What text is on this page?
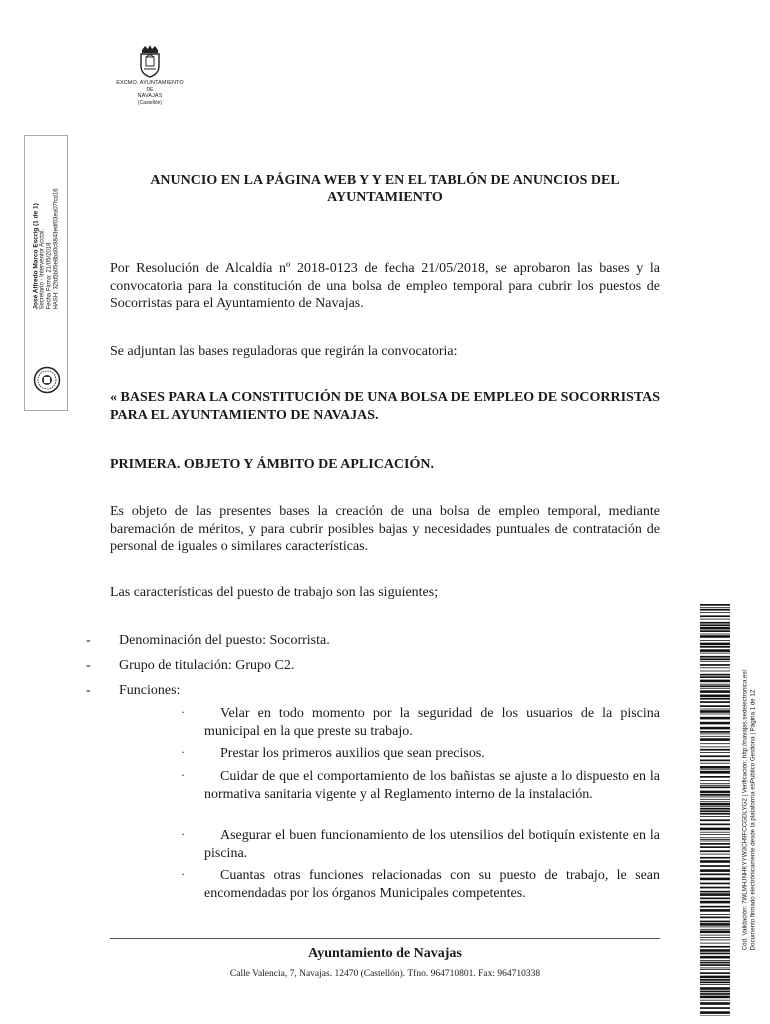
EXCMO. AYUNTAMIENTO
DE
NAVAJAS
(Castellón)
José Alfredo Marco Escrig (1 de 1) Secretario - Interventor Acctal. Fecha Firma: 21/05/2018 HASH: 32fd5b05e8bd0c8843edf03ea07fcd16
ANUNCIO EN LA PÁGINA WEB Y Y EN EL TABLÓN DE ANUNCIOS DEL AYUNTAMIENTO
Por Resolución de Alcaldía nº 2018-0123 de fecha 21/05/2018, se aprobaron las bases y la convocatoria para la constitución de una bolsa de empleo temporal para cubrir los puestos de Socorristas para el Ayuntamiento de Navajas.
Se adjuntan las bases reguladoras que regirán la convocatoria:
« BASES PARA LA CONSTITUCIÓN DE UNA BOLSA DE EMPLEO DE SOCORRISTAS PARA EL AYUNTAMIENTO DE NAVAJAS.
PRIMERA. OBJETO Y ÁMBITO DE APLICACIÓN.
Es objeto de las presentes bases la creación de una bolsa de empleo temporal, mediante baremación de méritos, y para cubrir posibles bajas y necesidades puntuales de contratación de personal de iguales o similares características.
Las características del puesto de trabajo son las siguientes;
- Denominación del puesto: Socorrista.
- Grupo de titulación: Grupo C2.
- Funciones:
·	Velar en todo momento por la seguridad de los usuarios de la piscina municipal en la que preste su trabajo.
·	Prestar los primeros auxilios que sean precisos.
·	Cuidar de que el comportamiento de los bañistas se ajuste a lo dispuesto en la normativa sanitaria vigente y al Reglamento interno de la instalación.
·	Asegurar el buen funcionamiento de los utensilios del botiquín existente en la piscina.
·	Cuantas otras funciones relacionadas con su puesto de trabajo, le sean encomendadas por los órganos Municipales competentes.
Ayuntamiento de Navajas
Calle Valencia, 7, Navajas. 12470 (Castellón). Tfno. 964710801. Fax: 964710338
Cód. Validación: 7WLMHJNHKYYW3CH9FCCGDLYG2 | Verificación: http://navajas.sedelectronica.es/ Documento firmado electrónicamente desde la plataforma esPublico Gestiona | Página 1 de 12
